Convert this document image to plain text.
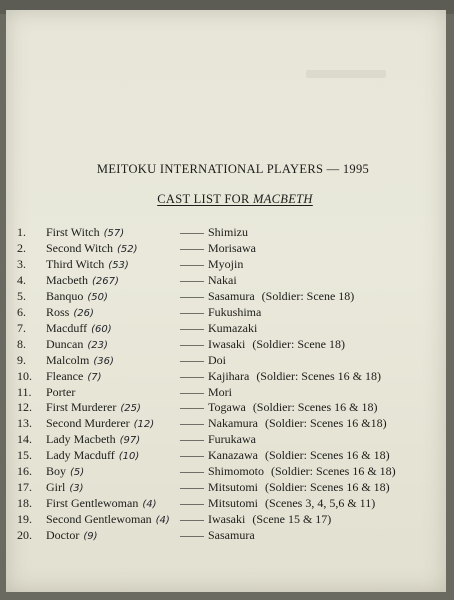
MEITOKU INTERNATIONAL PLAYERS — 1995
CAST LIST FOR MACBETH
1. First Witch (57)	—— Shimizu
2. Second Witch (52)	—— Morisawa
3. Third Witch (53)	—— Myojin
4. Macbeth (267)	—— Nakai
5. Banquo (50)	—— Sasamura (Soldier: Scene 18)
6. Ross (26)	—— Fukushima
7. Macduff (60)	—— Kumazaki
8. Duncan (23)	—— Iwasaki (Soldier: Scene 18)
9. Malcolm (36)	—— Doi
10. Fleance (7)	—— Kajihara (Soldier: Scenes 16 & 18)
11. Porter	—— Mori
12. First Murderer (25)	—— Togawa (Soldier: Scenes 16 & 18)
13. Second Murderer (12) —— Nakamura (Soldier: Scenes 16 &18)
14. Lady Macbeth (97)	—— Furukawa
15. Lady Macduff (10)	—— Kanazawa (Soldier: Scenes 16 & 18)
16. Boy (5)	—— Shimomoto (Soldier: Scenes 16 & 18)
17. Girl (3)	—— Mitsutomi (Soldier: Scenes 16 & 18)
18. First Gentlewoman (4) —— Mitsutomi (Scenes 3, 4, 5,6 & 11)
19. Second Gentlewoman (4) —— Iwasaki (Scene 15 & 17)
20. Doctor (9)	—— Sasamura
